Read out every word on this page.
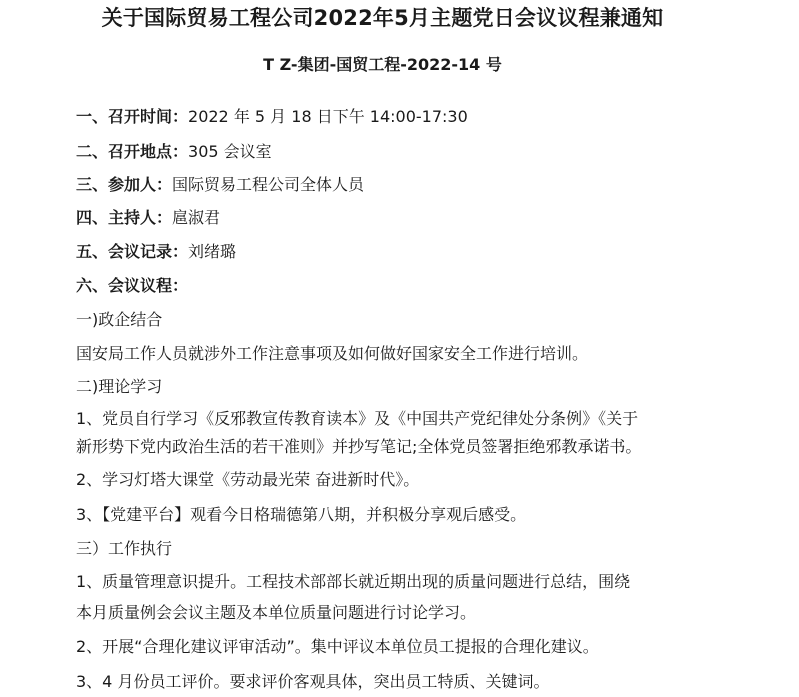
关于国际贸易工程公司2022年5月主题党日会议议程兼通知
T Z-集团-国贸工程-2022-14 号
一、召开时间：2022 年 5 月 18 日下午 14:00-17:30
二、召开地点：305 会议室
三、参加人：国际贸易工程公司全体人员
四、主持人：扈淑君
五、会议记录：刘绪璐
六、会议议程：
一)政企结合
国安局工作人员就涉外工作注意事项及如何做好国家安全工作进行培训。
二)理论学习
1、党员自行学习《反邪教宣传教育读本》及《中国共产党纪律处分条例》《关于
新形势下党内政治生活的若干准则》并抄写笔记;全体党员签署拒绝邪教承诺书。
2、学习灯塔大课堂《劳动最光荣 奋进新时代》。
3、【党建平台】观看今日格瑞德第八期，并积极分享观后感受。
三）工作执行
1、质量管理意识提升。工程技术部部长就近期出现的质量问题进行总结，围绕
本月质量例会会议主题及本单位质量问题进行讨论学习。
2、开展“合理化建议评审活动”。集中评议本单位员工提报的合理化建议。
3、4 月份员工评价。要求评价客观具体，突出员工特质、关键词。
